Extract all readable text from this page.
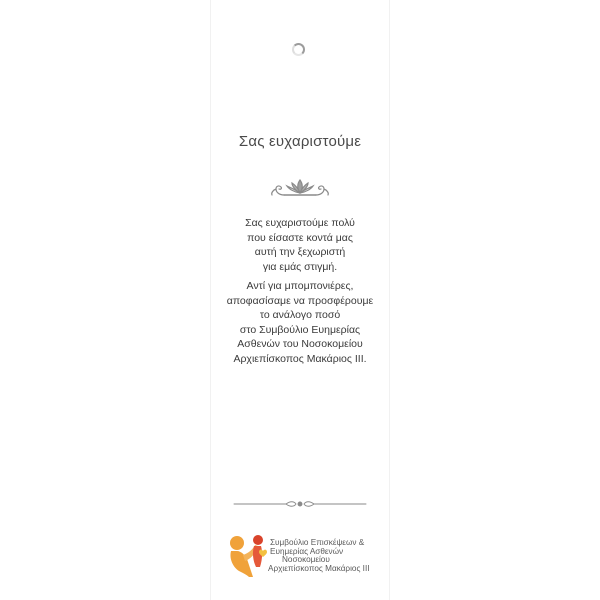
Σας ευχαριστούμε
Σας ευχαριστούμε πολύ
που είσαστε κοντά μας
αυτή την ξεχωριστή
για εμάς στιγμή.
Αντί για μπομπονιέρες,
αποφασίσαμε να προσφέρουμε
το ανάλογο ποσό
στο Συμβούλιο Ευημερίας
Ασθενών του Νοσοκομείου
Αρχιεπίσκοπος Μακάριος ΙΙΙ.
Συμβούλιο Επισκέψεων &
Ευημερίας Ασθενών
Νοσοκομείου
Αρχιεπίσκοπος Μακάριος ΙΙΙ
